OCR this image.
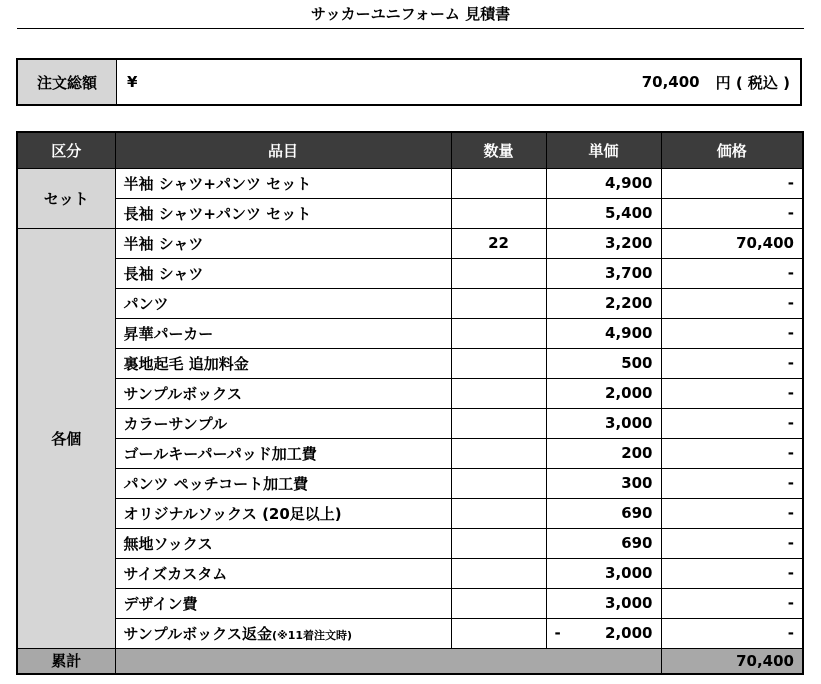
サッカーユニフォーム 見積書
注文総額	¥	70,400 円 ( 税込 )
区分	品目	数量	単価	価格
セット	半袖 シャツ+パンツ セット		4,900	-
	長袖 シャツ+パンツ セット		5,400	-
各個	半袖 シャツ	22	3,200	70,400
	長袖 シャツ		3,700	-
	パンツ		2,200	-
	昇華パーカー		4,900	-
	裏地起毛 追加料金		500	-
	サンプルボックス		2,000	-
	カラーサンプル		3,000	-
	ゴールキーパーパッド加工費		200	-
	パンツ ペッチコート加工費		300	-
	オリジナルソックス (20足以上)		690	-
	無地ソックス		690	-
	サイズカスタム		3,000	-
	デザイン費		3,000	-
	サンプルボックス返金(※11着注文時)		- 2,000	-
累計				70,400
